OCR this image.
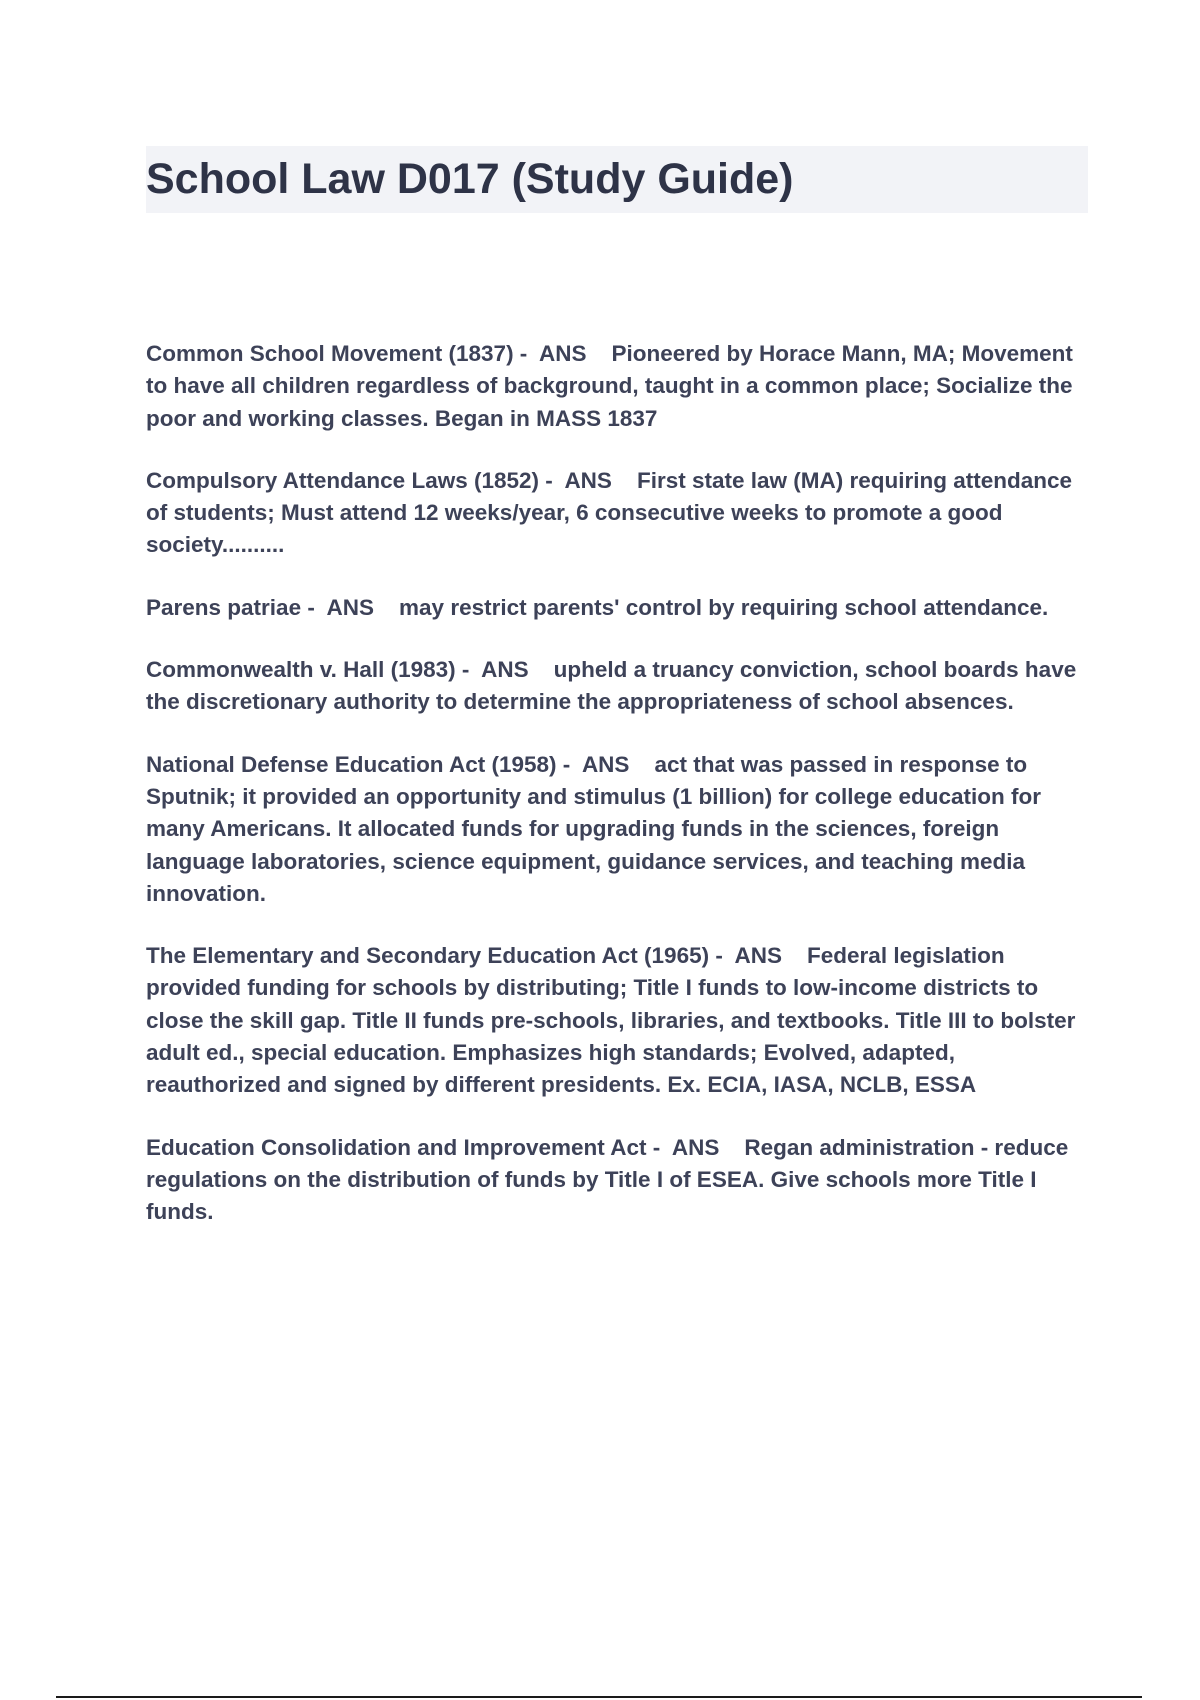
School Law D017 (Study Guide)

Common School Movement (1837) - ANS Pioneered by Horace Mann, MA; Movement to have all children regardless of background, taught in a common place; Socialize the poor and working classes. Began in MASS 1837

Compulsory Attendance Laws (1852) - ANS First state law (MA) requiring attendance of students; Must attend 12 weeks/year, 6 consecutive weeks to promote a good society..........

Parens patriae - ANS may restrict parents' control by requiring school attendance.

Commonwealth v. Hall (1983) - ANS upheld a truancy conviction, school boards have the discretionary authority to determine the appropriateness of school absences.

National Defense Education Act (1958) - ANS act that was passed in response to Sputnik; it provided an opportunity and stimulus (1 billion) for college education for many Americans. It allocated funds for upgrading funds in the sciences, foreign language laboratories, science equipment, guidance services, and teaching media innovation.

The Elementary and Secondary Education Act (1965) - ANS Federal legislation provided funding for schools by distributing; Title I funds to low-income districts to close the skill gap. Title II funds pre-schools, libraries, and textbooks. Title III to bolster adult ed., special education. Emphasizes high standards; Evolved, adapted, reauthorized and signed by different presidents. Ex. ECIA, IASA, NCLB, ESSA

Education Consolidation and Improvement Act - ANS Regan administration - reduce regulations on the distribution of funds by Title I of ESEA. Give schools more Title I funds.
